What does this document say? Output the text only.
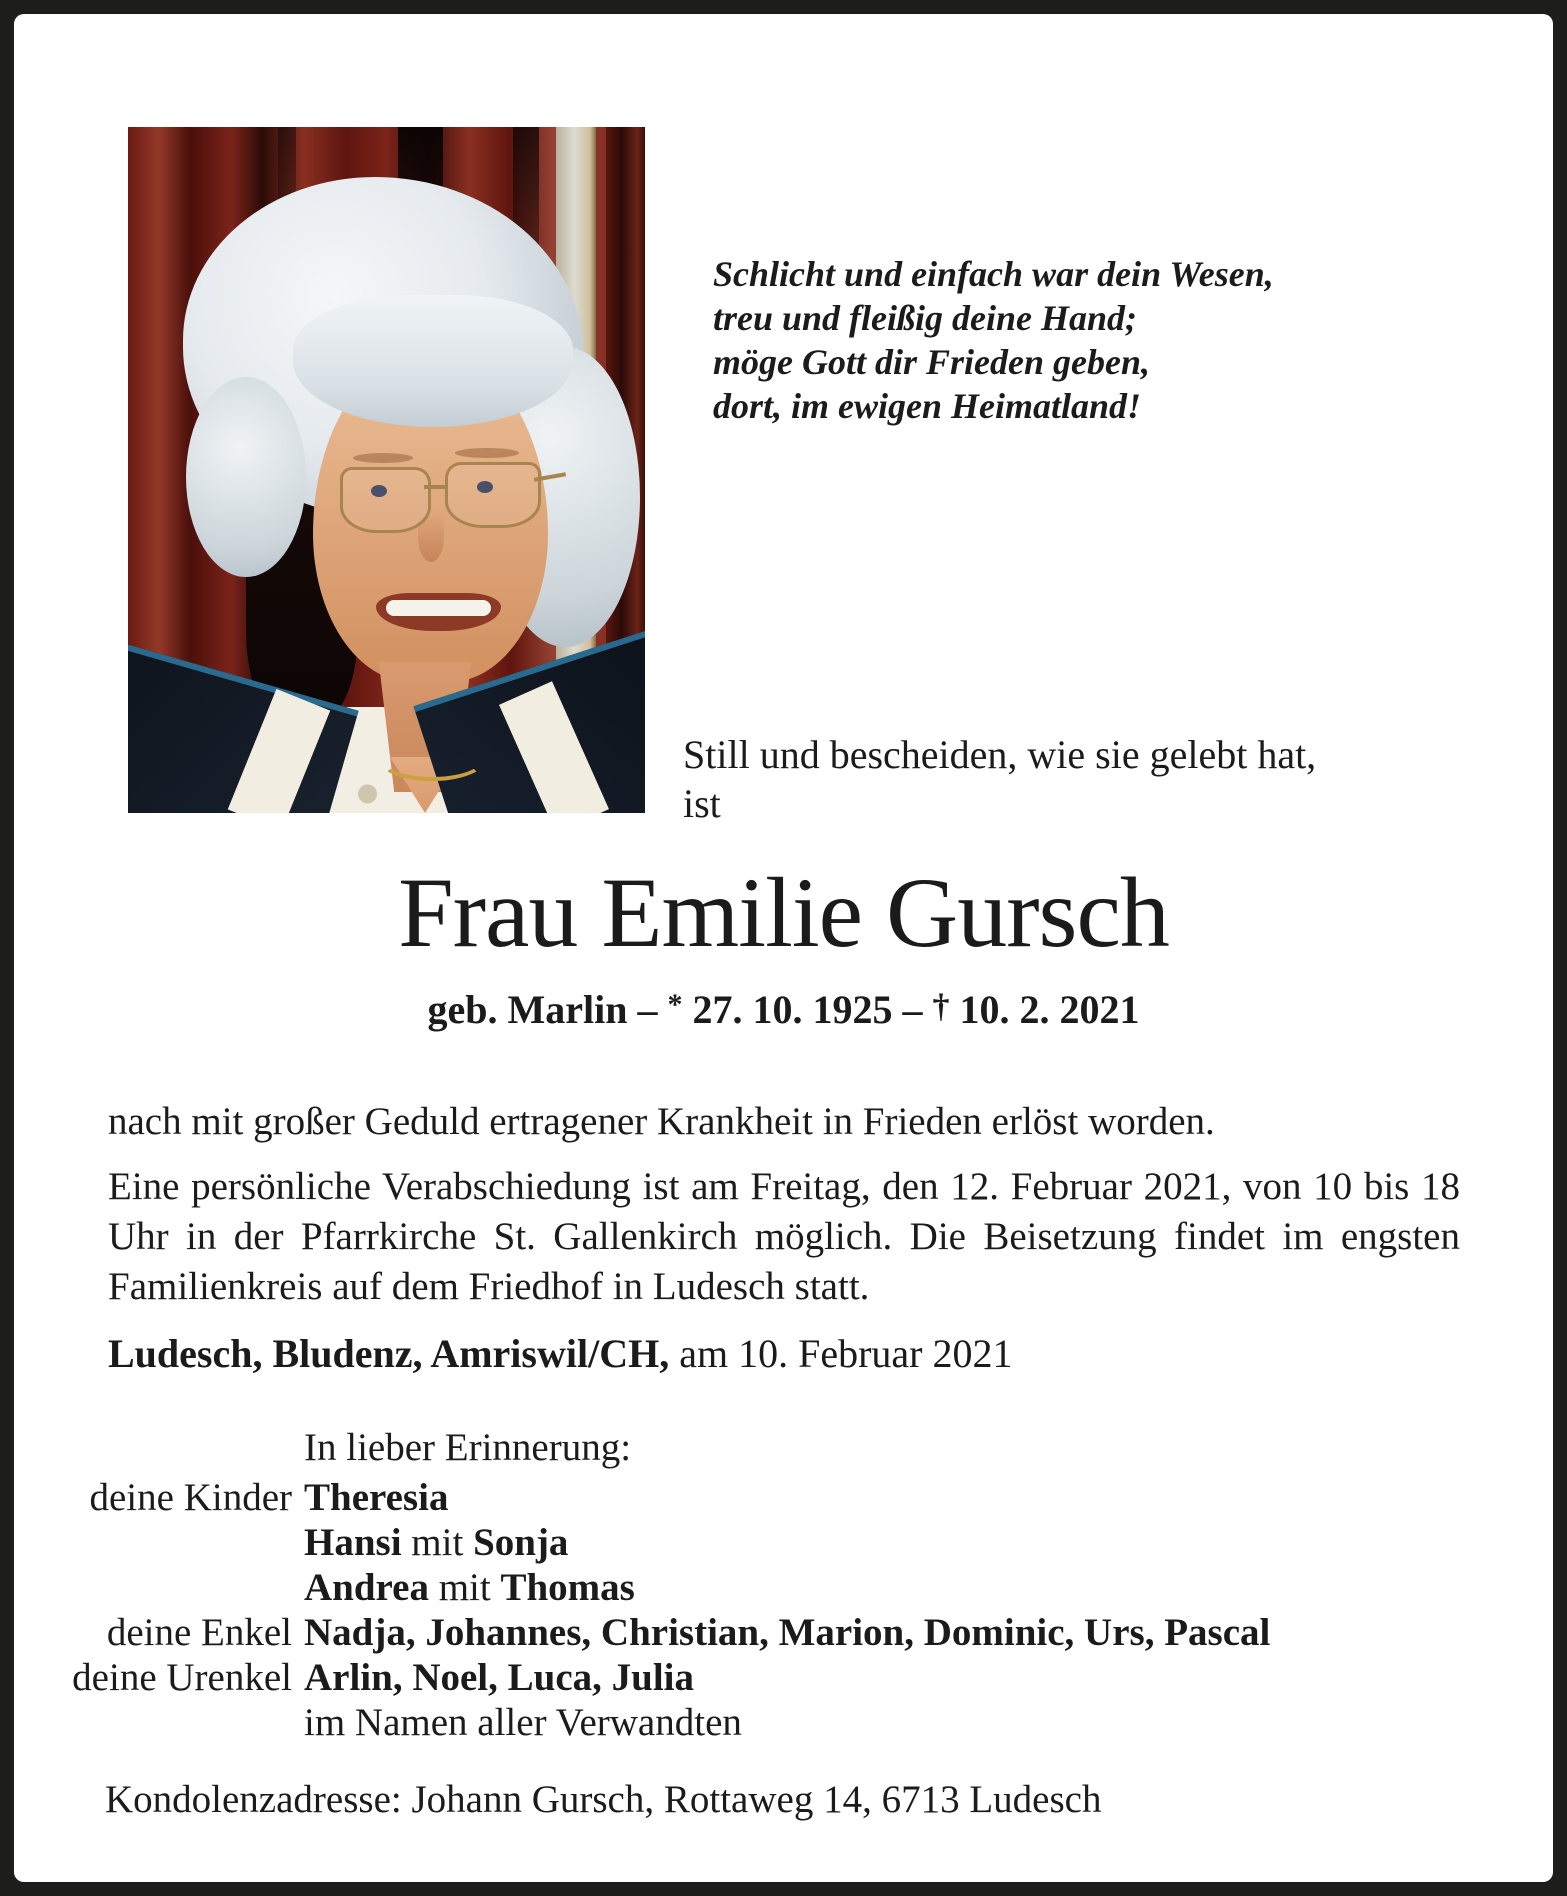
Schlicht und einfach war dein Wesen,
treu und fleißig deine Hand;
möge Gott dir Frieden geben,
dort, im ewigen Heimatland!
Still und bescheiden, wie sie gelebt hat,
ist
Frau Emilie Gursch
geb. Marlin – * 27. 10. 1925 – † 10. 2. 2021
nach mit großer Geduld ertragener Krankheit in Frieden erlöst worden.
Eine persönliche Verabschiedung ist am Freitag, den 12. Februar 2021, von 10 bis 18 Uhr in der Pfarrkirche St. Gallenkirch möglich. Die Beisetzung findet im engsten Familienkreis auf dem Friedhof in Ludesch statt.
Ludesch, Bludenz, Amriswil/CH, am 10. Februar 2021
In lieber Erinnerung:
deine Kinder Theresia
Hansi mit Sonja
Andrea mit Thomas
deine Enkel Nadja, Johannes, Christian, Marion, Dominic, Urs, Pascal
deine Urenkel Arlin, Noel, Luca, Julia
im Namen aller Verwandten
Kondolenzadresse: Johann Gursch, Rottaweg 14, 6713 Ludesch
